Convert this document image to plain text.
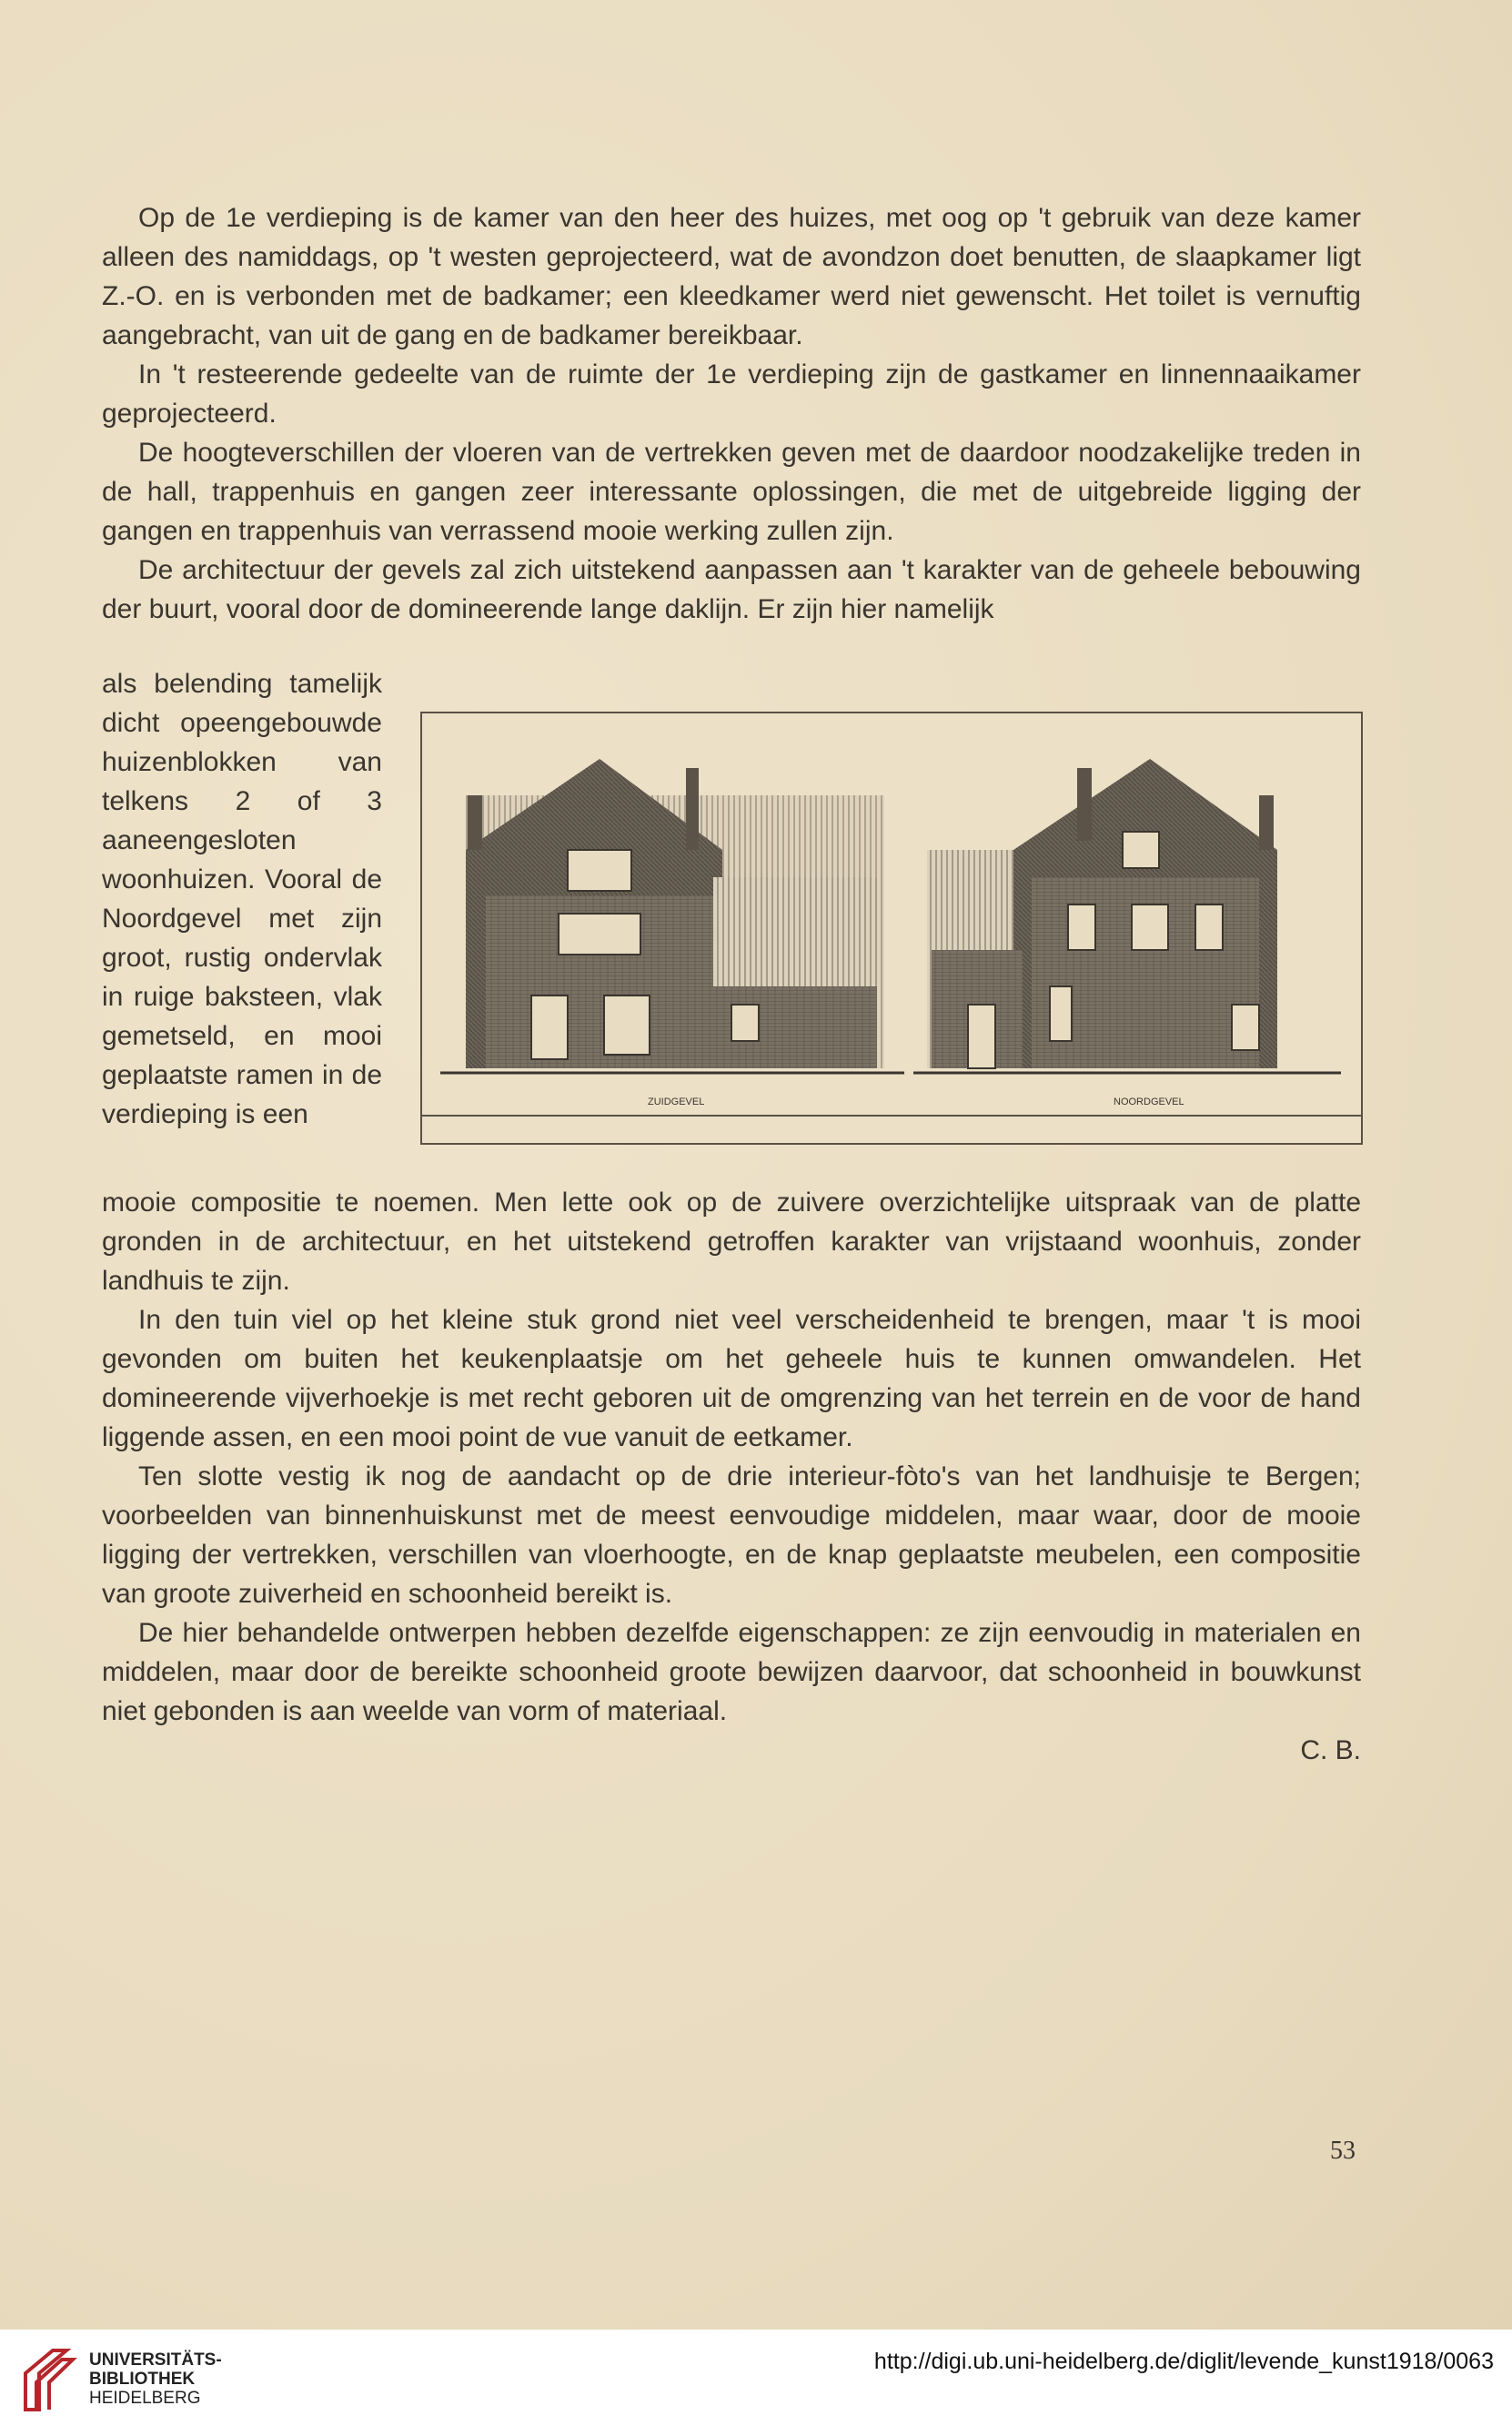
Op de 1e verdieping is de kamer van den heer des huizes, met oog op 't gebruik van deze kamer alleen des namiddags, op 't westen geprojecteerd, wat de avondzon doet benutten, de slaapkamer ligt Z.-O. en is verbonden met de badkamer; een kleedkamer werd niet gewenscht. Het toilet is vernuftig aangebracht, van uit de gang en de badkamer bereikbaar.

In 't resteerende gedeelte van de ruimte der 1e verdieping zijn de gastkamer en linnennaaikamer geprojecteerd.

De hoogteverschillen der vloeren van de vertrekken geven met de daardoor noodzakelijke treden in de hall, trappenhuis en gangen zeer interessante oplossingen, die met de uitgebreide ligging der gangen en trappenhuis van verrassend mooie werking zullen zijn.

De architectuur der gevels zal zich uitstekend aanpassen aan 't karakter van de geheele bebouwing der buurt, vooral door de domineerende lange daklijn. Er zijn hier namelijk

als belending tamelijk dicht opeengebouwde huizenblokken van telkens 2 of 3 aaneengesloten woonhuizen. Vooral de Noordgevel met zijn groot, rustig ondervlak in ruige baksteen, vlak gemetseld, en mooi geplaatste ramen in de verdieping is een	ZUIDGEVEL	NOORDGEVEL

mooie compositie te noemen. Men lette ook op de zuivere overzichtelijke uitspraak van de platte gronden in de architectuur, en het uitstekend getroffen karakter van vrijstaand woonhuis, zonder landhuis te zijn.

In den tuin viel op het kleine stuk grond niet veel verscheidenheid te brengen, maar 't is mooi gevonden om buiten het keukenplaatsje om het geheele huis te kunnen omwandelen. Het domineerende vijverhoekje is met recht geboren uit de omgrenzing van het terrein en de voor de hand liggende assen, en een mooi point de vue vanuit de eetkamer.

Ten slotte vestig ik nog de aandacht op de drie interieur-fòto's van het landhuisje te Bergen; voorbeelden van binnenhuiskunst met de meest eenvoudige middelen, maar waar, door de mooie ligging der vertrekken, verschillen van vloerhoogte, en de knap geplaatste meubelen, een compositie van groote zuiverheid en schoonheid bereikt is.

De hier behandelde ontwerpen hebben dezelfde eigenschappen: ze zijn eenvoudig in materialen en middelen, maar door de bereikte schoonheid groote bewijzen daarvoor, dat schoonheid in bouwkunst niet gebonden is aan weelde van vorm of materiaal.

C. B.
53
UNIVERSITÄTS-
BIBLIOTHEK
HEIDELBERG
http://digi.ub.uni-heidelberg.de/diglit/levende_kunst1918/0063
